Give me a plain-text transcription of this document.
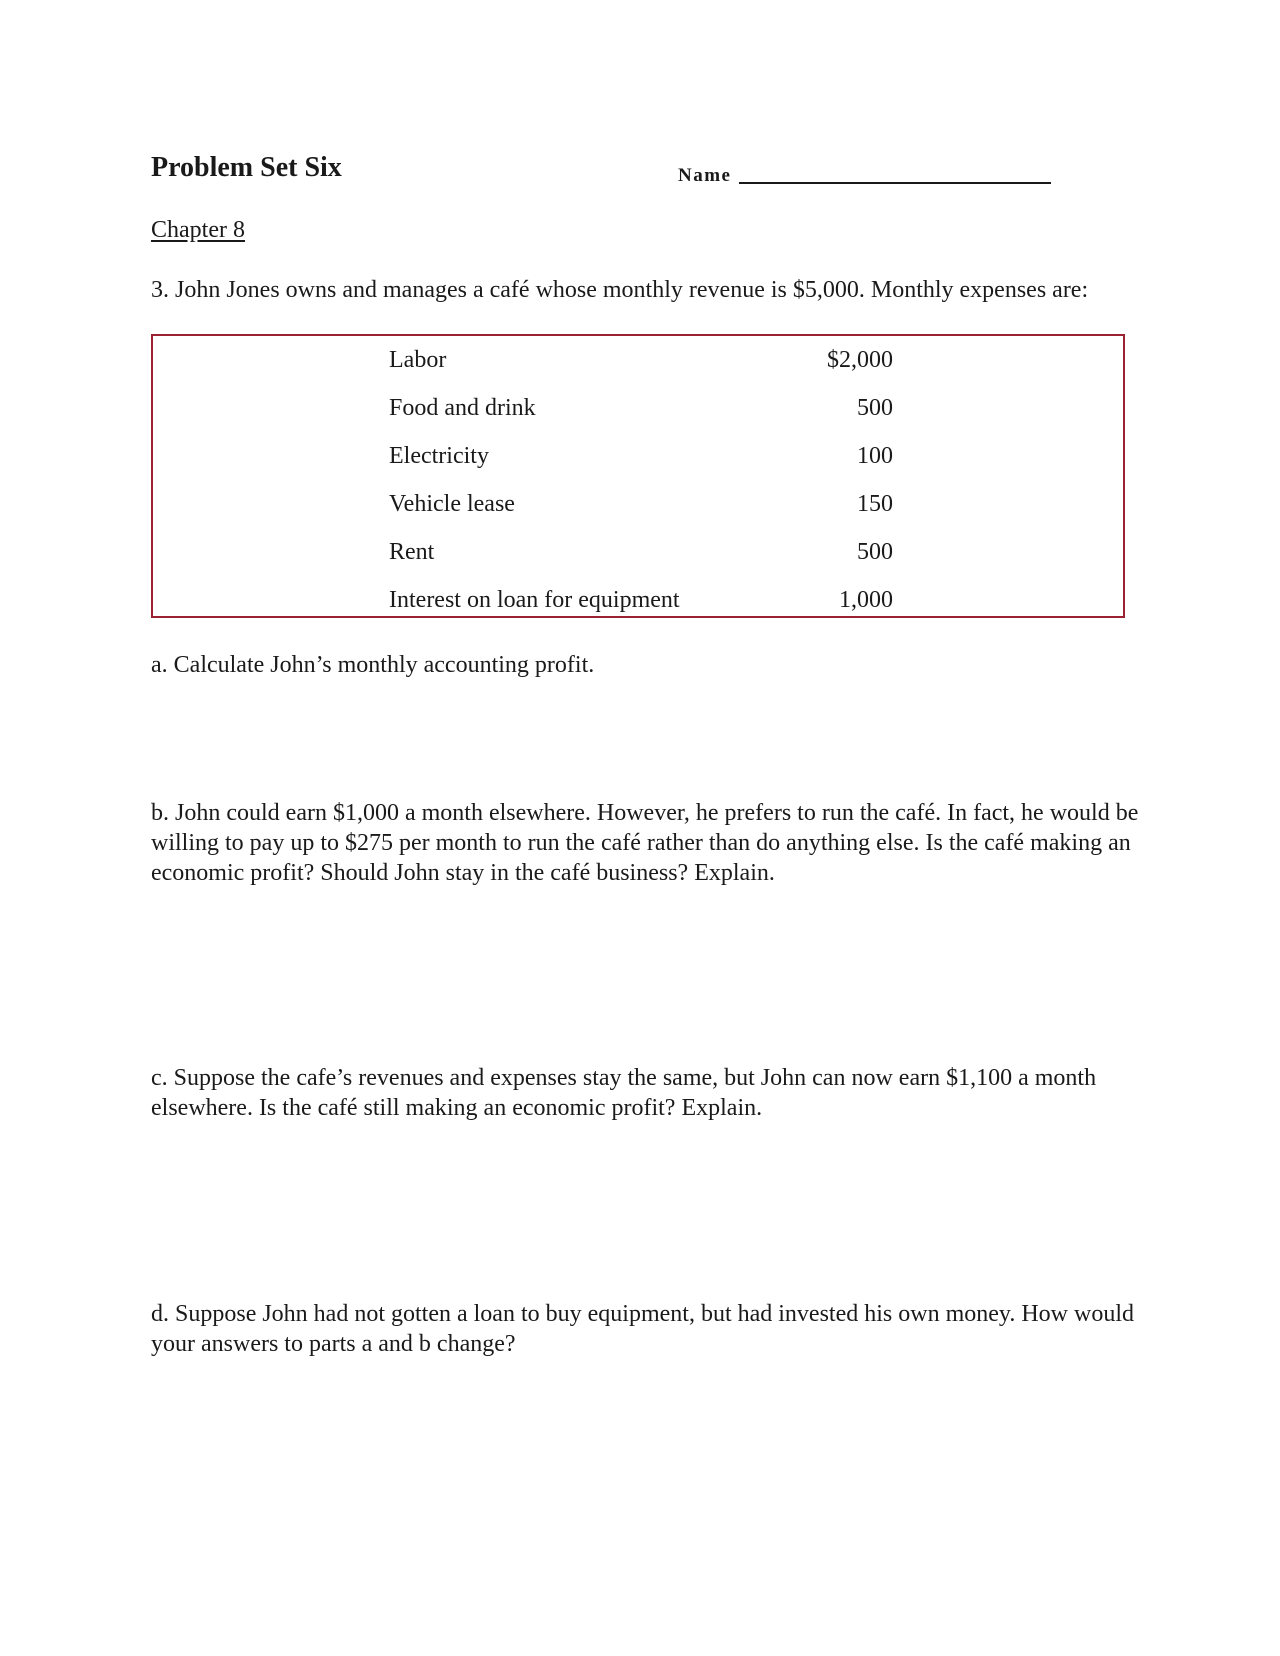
Problem Set Six	Name
Chapter 8
3. John Jones owns and manages a café whose monthly revenue is $5,000. Monthly expenses are:
Labor	$2,000
Food and drink	500
Electricity	100
Vehicle lease	150
Rent	500
Interest on loan for equipment	1,000
a. Calculate John’s monthly accounting profit.
b. John could earn $1,000 a month elsewhere. However, he prefers to run the café. In fact, he would be willing to pay up to $275 per month to run the café rather than do anything else. Is the café making an economic profit? Should John stay in the café business? Explain.
c. Suppose the cafe’s revenues and expenses stay the same, but John can now earn $1,100 a month elsewhere. Is the café still making an economic profit? Explain.
d. Suppose John had not gotten a loan to buy equipment, but had invested his own money. How would your answers to parts a and b change?
